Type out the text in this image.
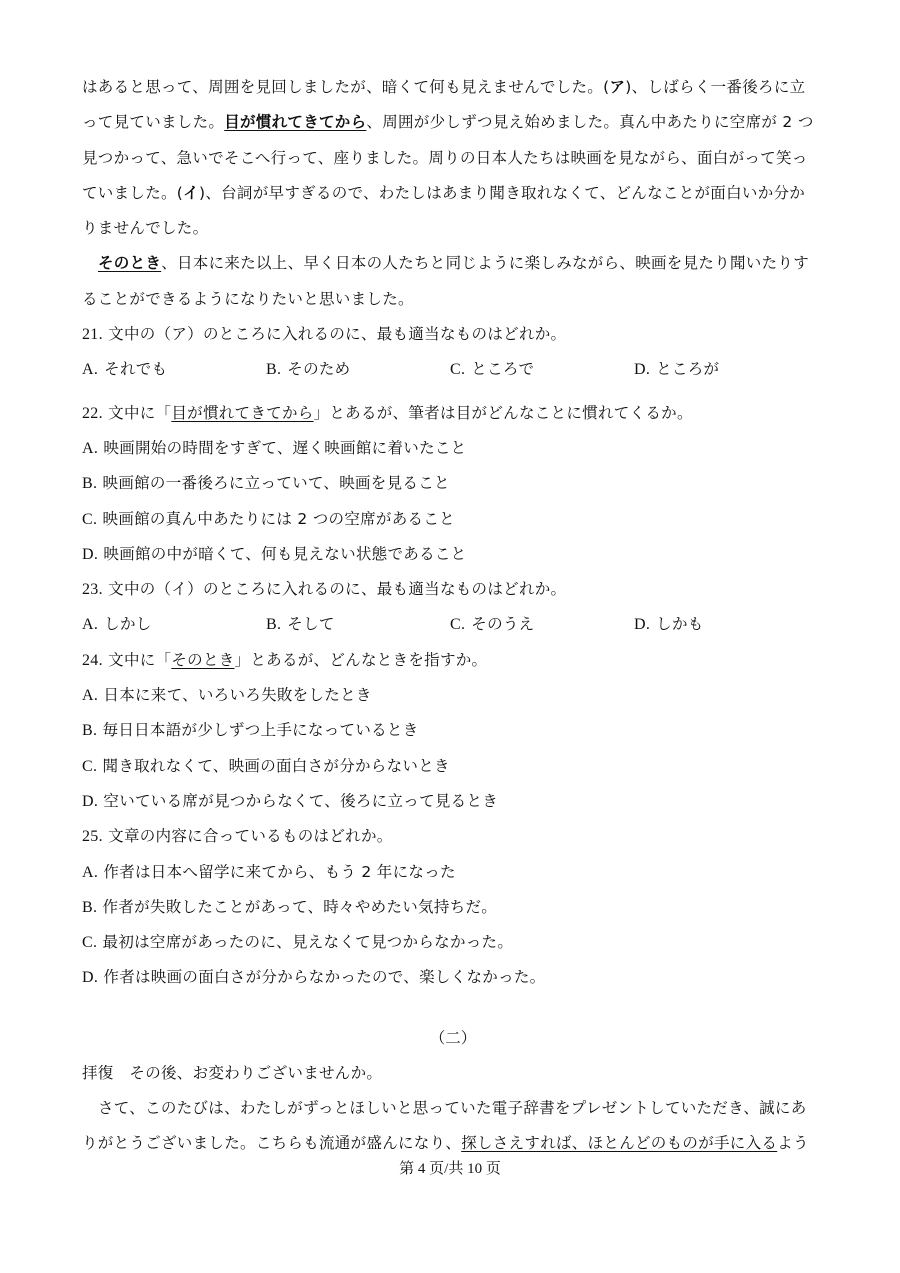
はあると思って、周囲を見回しましたが、暗くて何も見えませんでした。(ア)、しばらく一番後ろに立
って見ていました。目が慣れてきてから、周囲が少しずつ見え始めました。真ん中あたりに空席が 2 つ
見つかって、急いでそこへ行って、座りました。周りの日本人たちは映画を見ながら、面白がって笑っ
ていました。(イ)、台詞が早すぎるので、わたしはあまり聞き取れなくて、どんなことが面白いか分か
りませんでした。
そのとき、日本に来た以上、早く日本の人たちと同じように楽しみながら、映画を見たり聞いたりす
ることができるようになりたいと思いました。
21. 文中の（ア）のところに入れるのに、最も適当なものはどれか。
A. それでも	B. そのため	C. ところで	D. ところが
22. 文中に「目が慣れてきてから」とあるが、筆者は目がどんなことに慣れてくるか。
A. 映画開始の時間をすぎて、遅く映画館に着いたこと
B. 映画館の一番後ろに立っていて、映画を見ること
C. 映画館の真ん中あたりには 2 つの空席があること
D. 映画館の中が暗くて、何も見えない状態であること
23. 文中の（イ）のところに入れるのに、最も適当なものはどれか。
A. しかし	B. そして	C. そのうえ	D. しかも
24. 文中に「そのとき」とあるが、どんなときを指すか。
A. 日本に来て、いろいろ失敗をしたとき
B. 毎日日本語が少しずつ上手になっているとき
C. 聞き取れなくて、映画の面白さが分からないとき
D. 空いている席が見つからなくて、後ろに立って見るとき
25. 文章の内容に合っているものはどれか。
A. 作者は日本へ留学に来てから、もう 2 年になった
B. 作者が失敗したことがあって、時々やめたい気持ちだ。
C. 最初は空席があったのに、見えなくて見つからなかった。
D. 作者は映画の面白さが分からなかったので、楽しくなかった。
（二）
拝復　その後、お変わりございませんか。
さて、このたびは、わたしがずっとほしいと思っていた電子辞書をプレゼントしていただき、誠にあ
りがとうございました。こちらも流通が盛んになり、探しさえすれば、ほとんどのものが手に入るよう
第 4 页/共 10 页
